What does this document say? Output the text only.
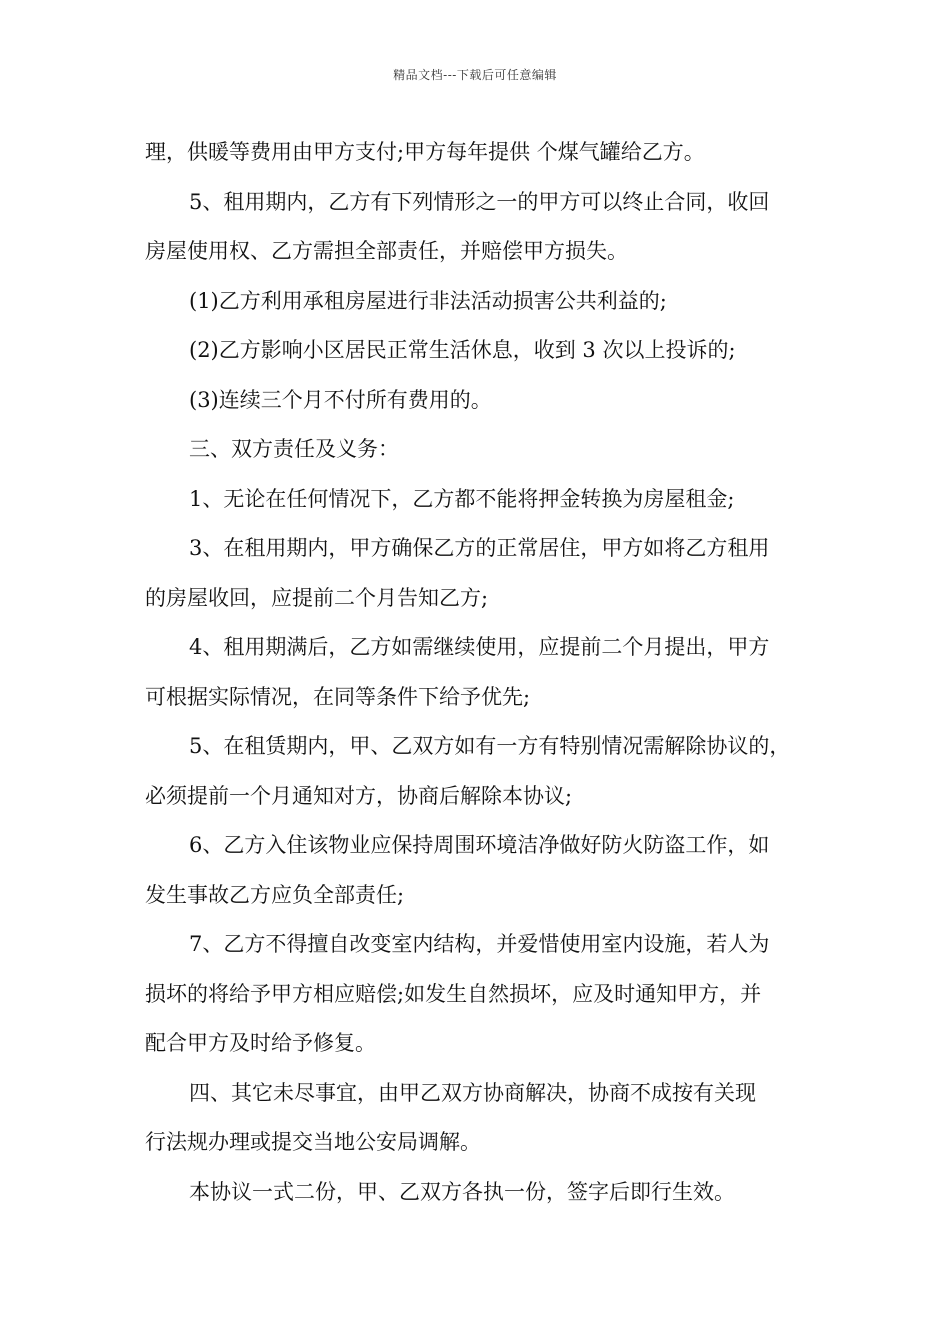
精品文档---下载后可任意编辑
理，供暖等费用由甲方支付;甲方每年提供 个煤气罐给乙方。
5、租用期内，乙方有下列情形之一的甲方可以终止合同，收回
房屋使用权、乙方需担全部责任，并赔偿甲方损失。
(1)乙方利用承租房屋进行非法活动损害公共利益的;
(2)乙方影响小区居民正常生活休息，收到 3 次以上投诉的;
(3)连续三个月不付所有费用的。
三、双方责任及义务：
1、无论在任何情况下，乙方都不能将押金转换为房屋租金;
3、在租用期内，甲方确保乙方的正常居住，甲方如将乙方租用
的房屋收回，应提前二个月告知乙方;
4、租用期满后，乙方如需继续使用，应提前二个月提出，甲方
可根据实际情况，在同等条件下给予优先;
5、在租赁期内，甲、乙双方如有一方有特别情况需解除协议的，
必须提前一个月通知对方，协商后解除本协议;
6、乙方入住该物业应保持周围环境洁净做好防火防盗工作，如
发生事故乙方应负全部责任;
7、乙方不得擅自改变室内结构，并爱惜使用室内设施，若人为
损坏的将给予甲方相应赔偿;如发生自然损坏，应及时通知甲方，并
配合甲方及时给予修复。
四、其它未尽事宜，由甲乙双方协商解决，协商不成按有关现
行法规办理或提交当地公安局调解。
本协议一式二份，甲、乙双方各执一份，签字后即行生效。
